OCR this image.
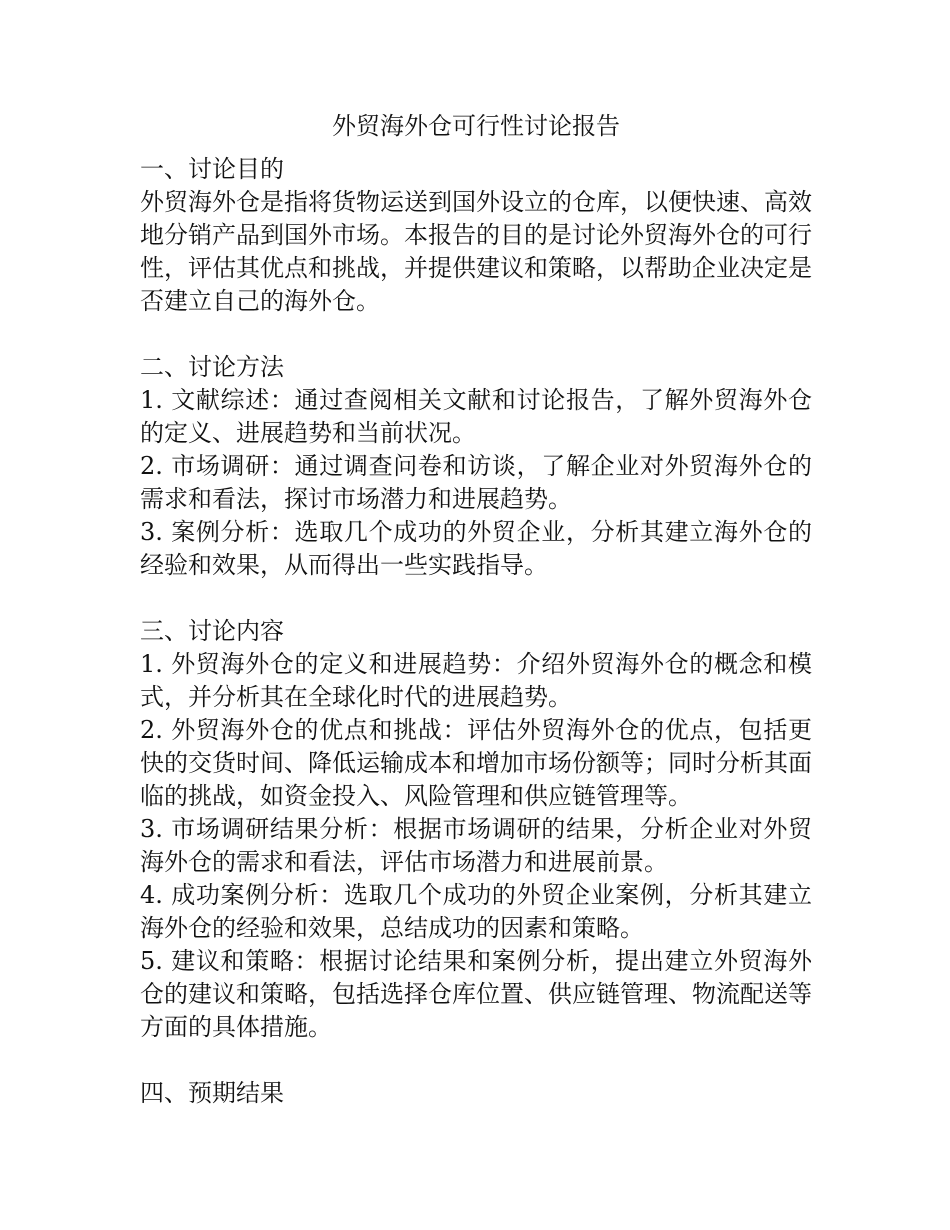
外贸海外仓可行性讨论报告
一、讨论目的

外贸海外仓是指将货物运送到国外设立的仓库，以便快速、高效地分销产品到国外市场。本报告的目的是讨论外贸海外仓的可行性，评估其优点和挑战，并提供建议和策略，以帮助企业决定是否建立自己的海外仓。

二、讨论方法
1. 文献综述：通过查阅相关文献和讨论报告，了解外贸海外仓的定义、进展趋势和当前状况。
2. 市场调研：通过调查问卷和访谈，了解企业对外贸海外仓的需求和看法，探讨市场潜力和进展趋势。
3. 案例分析：选取几个成功的外贸企业，分析其建立海外仓的经验和效果，从而得出一些实践指导。
三、讨论内容
1. 外贸海外仓的定义和进展趋势：介绍外贸海外仓的概念和模式，并分析其在全球化时代的进展趋势。
2. 外贸海外仓的优点和挑战：评估外贸海外仓的优点，包括更快的交货时间、降低运输成本和增加市场份额等；同时分析其面临的挑战，如资金投入、风险管理和供应链管理等。
3. 市场调研结果分析：根据市场调研的结果，分析企业对外贸海外仓的需求和看法，评估市场潜力和进展前景。
4. 成功案例分析：选取几个成功的外贸企业案例，分析其建立海外仓的经验和效果，总结成功的因素和策略。
5. 建议和策略：根据讨论结果和案例分析，提出建立外贸海外仓的建议和策略，包括选择仓库位置、供应链管理、物流配送等方面的具体措施。
四、预期结果
